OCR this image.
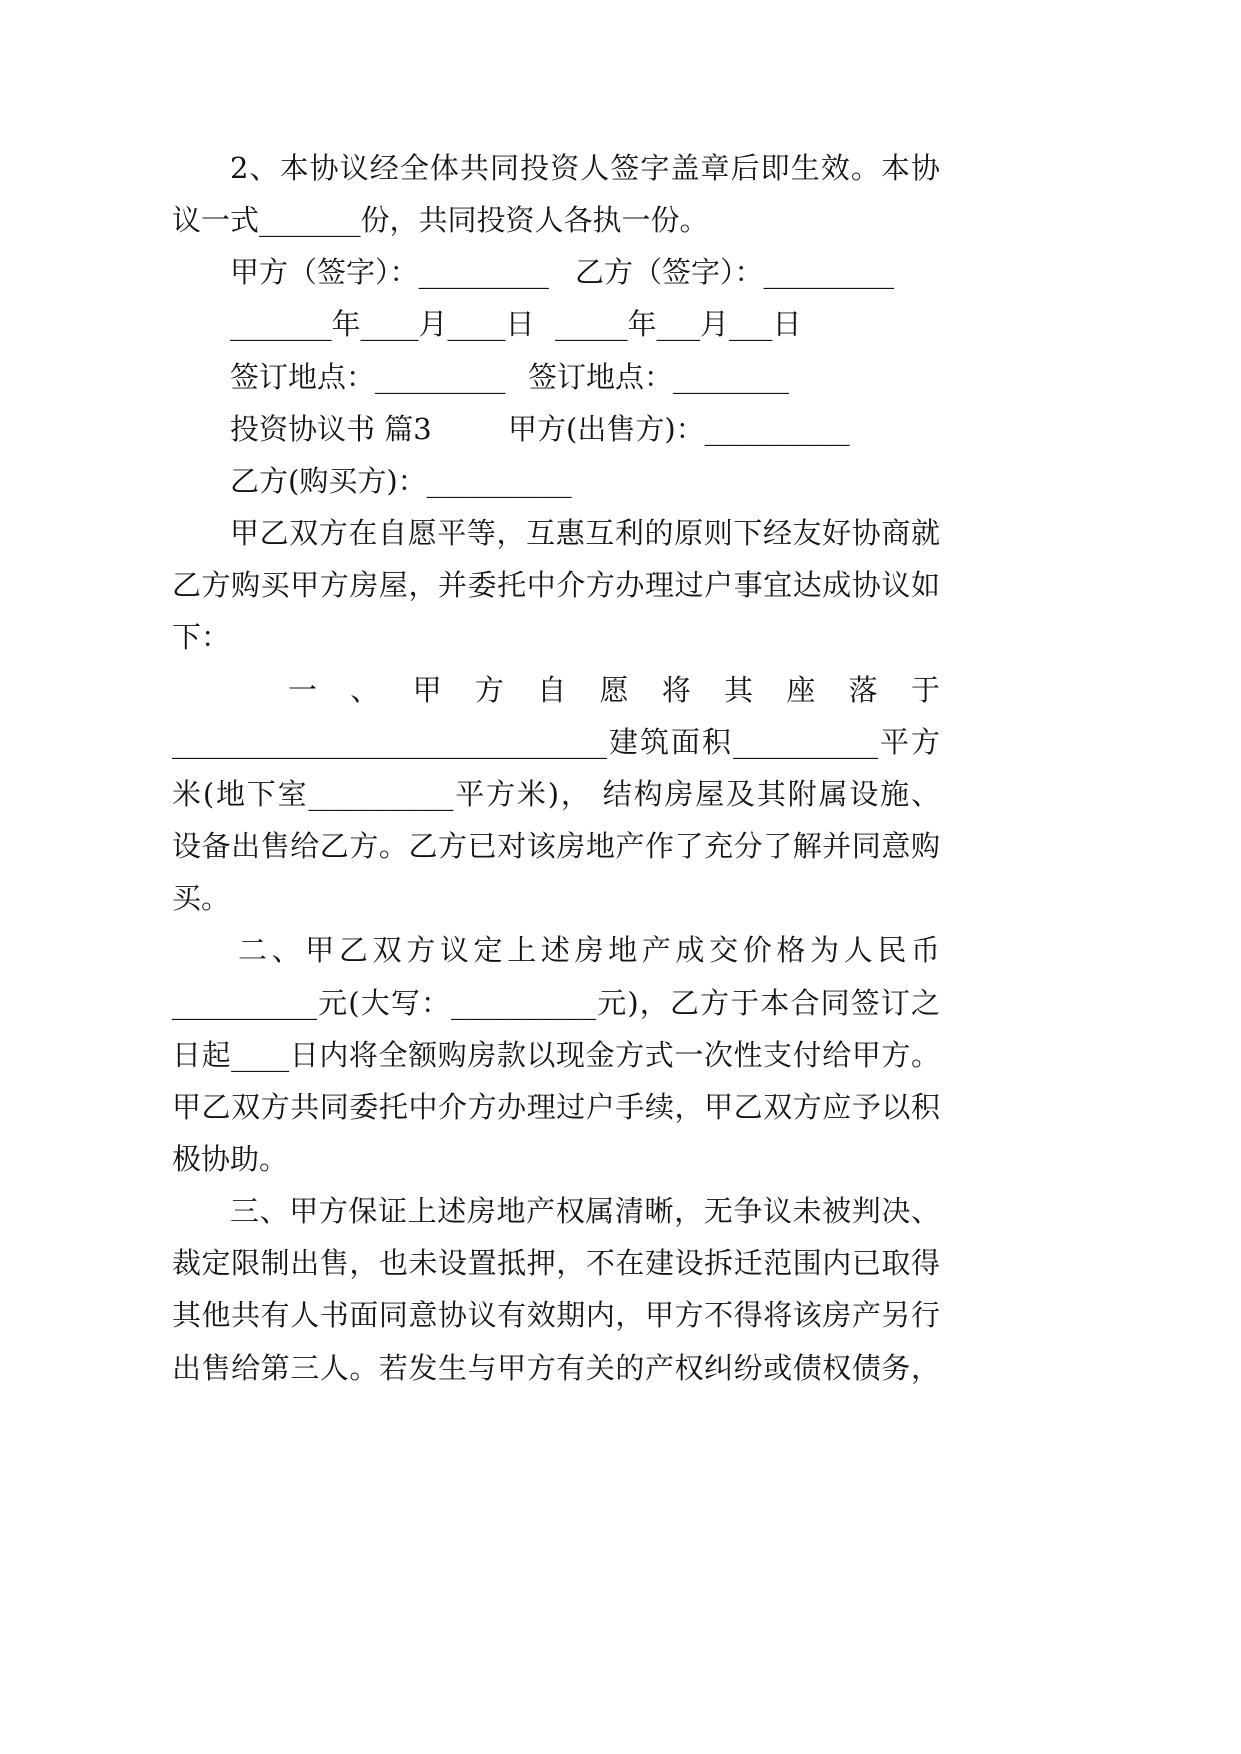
2、本协议经全体共同投资人签字盖章后即生效。本协
议一式_______份，共同投资人各执一份。
甲方（签字）：_________ 乙方（签字）：_________
_______年____月____日 _____年___月___日
签订地点：_________ 签订地点：________
投资协议书 篇3	甲方(出售方)：__________
乙方(购买方)：__________
甲乙双方在自愿平等，互惠互利的原则下经友好协商就
乙方购买甲方房屋，并委托中介方办理过户事宜达成协议如
下：
一、甲方自愿将其座落于
______________________________建筑面积__________平方
米(地下室__________平方米)， 结构房屋及其附属设施、
设备出售给乙方。乙方已对该房地产作了充分了解并同意购
买。
二、甲乙双方议定上述房地产成交价格为人民币
__________元(大写：__________元)，乙方于本合同签订之
日起____日内将全额购房款以现金方式一次性支付给甲方。
甲乙双方共同委托中介方办理过户手续，甲乙双方应予以积
极协助。
三、甲方保证上述房地产权属清晰，无争议未被判决、
裁定限制出售，也未设置抵押，不在建设拆迁范围内已取得
其他共有人书面同意协议有效期内，甲方不得将该房产另行
出售给第三人。若发生与甲方有关的产权纠纷或债权债务，
